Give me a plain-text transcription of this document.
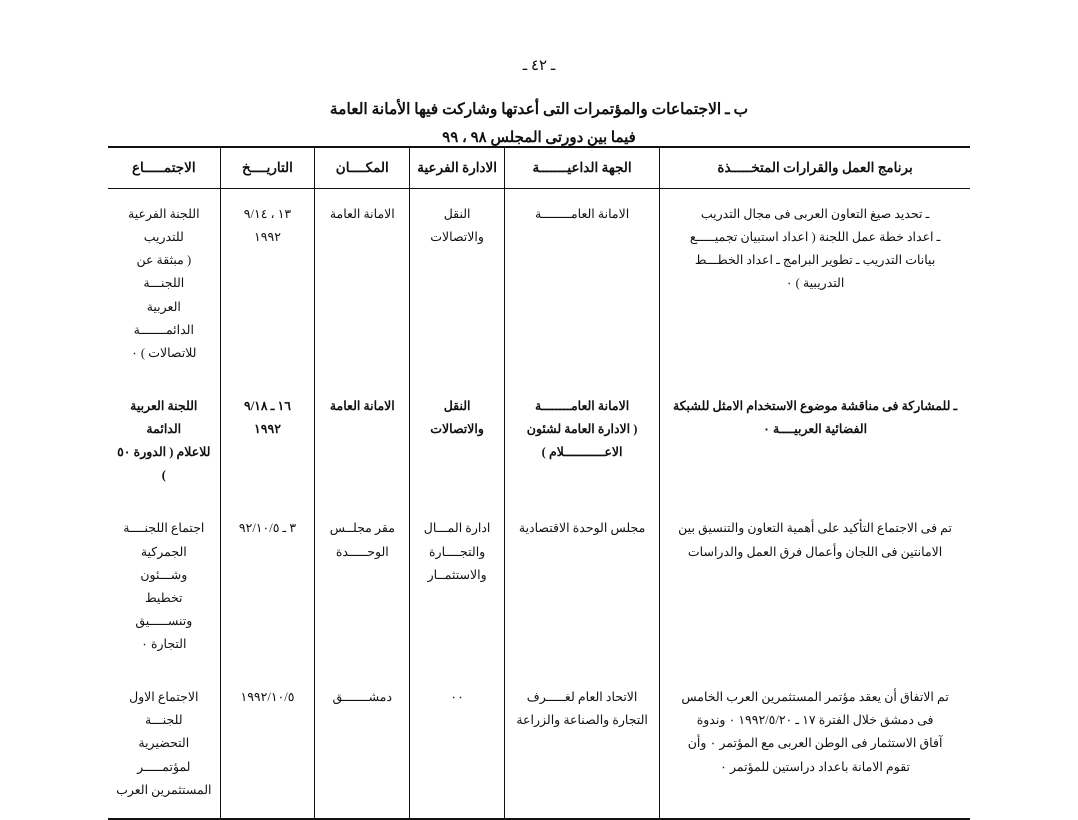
ـ ٤٢ ـ
ب ـ الاجتماعات والمؤتمرات التى أعدتها وشاركت فيها الأمانة العامة
فيما بين دورتى المجلس ٩٨ ، ٩٩
برنامج العمل والقرارات المتخـــــذة	الجهة الداعيـــــــة	الادارة الفرعية	المكــــان	التاريــــخ	الاجتمـــــاع

ـ تحديد صيغ التعاون العربى فى مجال التدريب
ـ اعداد خطة عمل اللجنة ( اعداد استبيان تجميـــــع
بيانات التدريب ـ تطوير البرامج ـ اعداد الخطـــط
التدريبية ) ٠	الامانة العامــــــــة	النقل والاتصالات	الامانة العامة	١٣ ، ٩/١٤
١٩٩٢	اللجنة الفرعية للتدريب
( مبثقة عن اللجنـــة
العربية الدائمـــــــة
للاتصالات ) ٠

ـ للمشاركة فى مناقشة موضوع الاستخدام الامثل للشبكة
الفضائية العربيــــة ٠	الامانة العامــــــــة
( الادارة العامة لشئون
الاعـــــــــــلام )	النقل والاتصالات	الامانة العامة	١٦ ـ ٩/١٨
١٩٩٢	اللجنة العربية الدائمة
للاعلام ( الدورة ٥٠ )

تم فى الاجتماع التأكيد على أهمية التعاون والتنسيق بين
الامانتين فى اللجان وأعمال فرق العمل والدراسات	مجلس الوحدة الاقتصادية	ادارة المـــال
والتجــــارة
والاستثمــار	مقر مجلــس
الوحـــــدة	٣ ـ ٩٢/١٠/٥	اجتماع اللجنــــة
الجمركية وشـــئون
تخطيط وتنســـــيق
التجارة ٠

تم الاتفاق أن يعقد مؤتمر المستثمرين العرب الخامس
فى دمشق خلال الفترة ١٧ ـ ١٩٩٢/٥/٢٠ ٠ وندوة
آفاق الاستثمار فى الوطن العربى مع المؤتمر ٠ وأن
تقوم الامانة باعداد دراستين للمؤتمر ٠	الاتحاد العام لغـــــرف
التجارة والصناعة والزراعة	٠٠	دمشـــــــق	١٩٩٢/١٠/٥	الاجتماع الاول للجنـــة
التحضيرية لمؤتمـــــر
المستثمرين العرب
